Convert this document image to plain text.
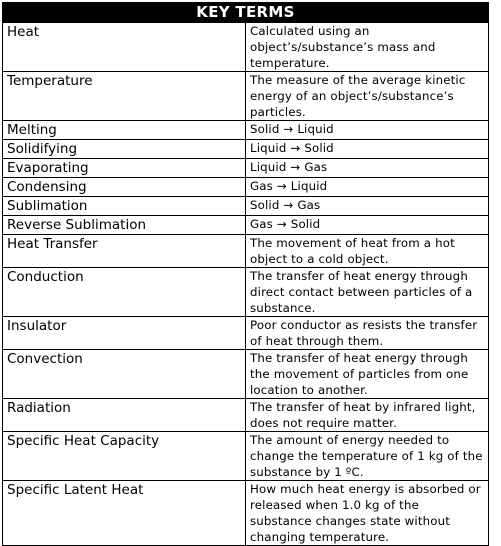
KEY TERMS	
Heat	Calculated using an object’s/substance’s mass and temperature.
Temperature	The measure of the average kinetic energy of an object’s/substance’s particles.
Melting	Solid → Liquid
Solidifying	Liquid → Solid
Evaporating	Liquid → Gas
Condensing	Gas → Liquid
Sublimation	Solid → Gas
Reverse Sublimation	Gas → Solid
Heat Transfer	The movement of heat from a hot object to a cold object.
Conduction	The transfer of heat energy through direct contact between particles of a substance.
Insulator	Poor conductor as resists the transfer of heat through them.
Convection	The transfer of heat energy through the movement of particles from one location to another.
Radiation	The transfer of heat by infrared light, does not require matter.
Specific Heat Capacity	The amount of energy needed to change the temperature of 1 kg of the substance by 1 ºC.
Specific Latent Heat	How much heat energy is absorbed or released when 1.0 kg of the substance changes state without changing temperature.
